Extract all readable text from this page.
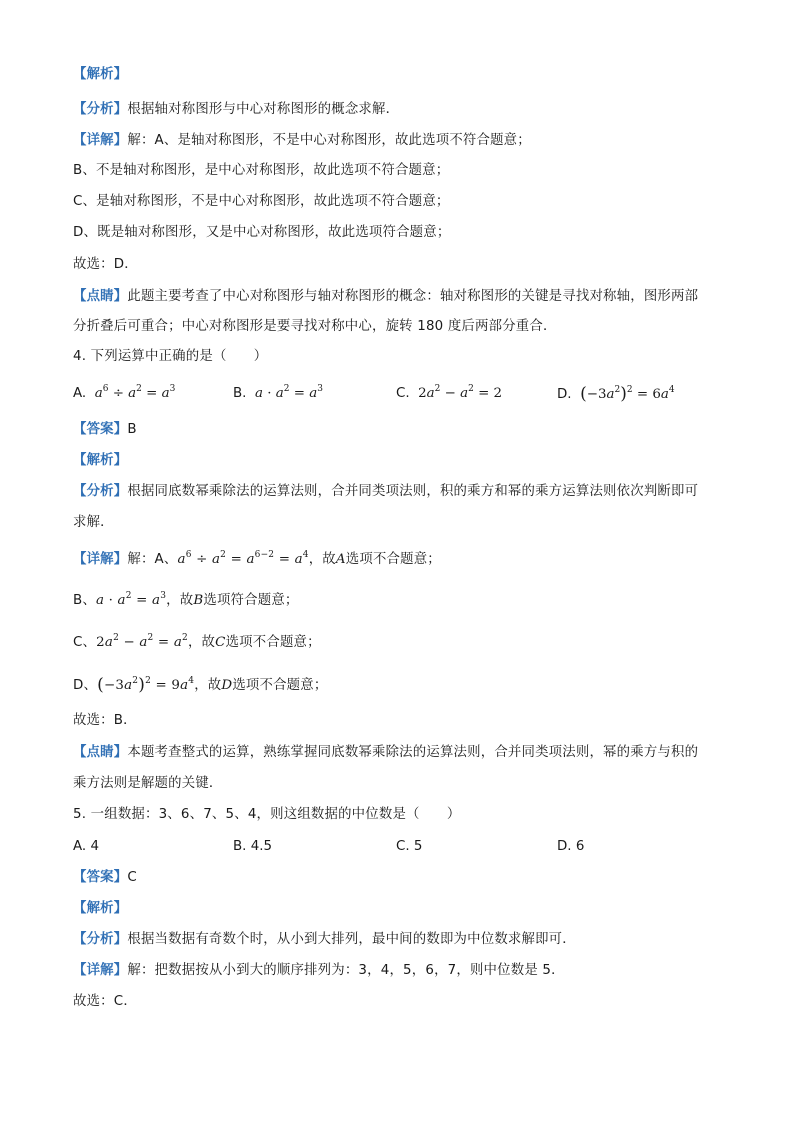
【解析】
【分析】根据轴对称图形与中心对称图形的概念求解．
【详解】解：A、是轴对称图形，不是中心对称图形，故此选项不符合题意；
B、不是轴对称图形，是中心对称图形，故此选项不符合题意；
C、是轴对称图形，不是中心对称图形，故此选项不符合题意；
D、既是轴对称图形，又是中心对称图形，故此选项符合题意；
故选：D．
【点睛】此题主要考查了中心对称图形与轴对称图形的概念：轴对称图形的关键是寻找对称轴，图形两部
分折叠后可重合；中心对称图形是要寻找对称中心，旋转 180 度后两部分重合．
4. 下列运算中正确的是（　　）
A. $a^6 \div a^2 = a^3$	B. $a \cdot a^2 = a^3$	C.  $2a^2 - a^2 = 2$	D. $(-3a^2)^2 = 6a^4$
【答案】B
【解析】
【分析】根据同底数幂乘除法的运算法则，合并同类项法则，积的乘方和幂的乘方运算法则依次判断即可
求解．
【详解】解：A、$a^6 \div a^2 = a^{6-2} = a^4$，故A选项不合题意；
B、$a \cdot a^2 = a^3$，故B选项符合题意；
C、$2a^2 - a^2 = a^2$，故C选项不合题意；
D、$(-3a^2)^2 = 9a^4$，故D选项不合题意；
故选：B．
【点睛】本题考查整式的运算，熟练掌握同底数幂乘除法的运算法则，合并同类项法则，幂的乘方与积的
乘方法则是解题的关键．
5. 一组数据：3、6、7、5、4，则这组数据的中位数是（　　）
A. 4	B. 4.5	C. 5	D. 6
【答案】C
【解析】
【分析】根据当数据有奇数个时，从小到大排列，最中间的数即为中位数求解即可．
【详解】解：把数据按从小到大的顺序排列为：3，4，5，6，7，则中位数是 5．
故选：C．
